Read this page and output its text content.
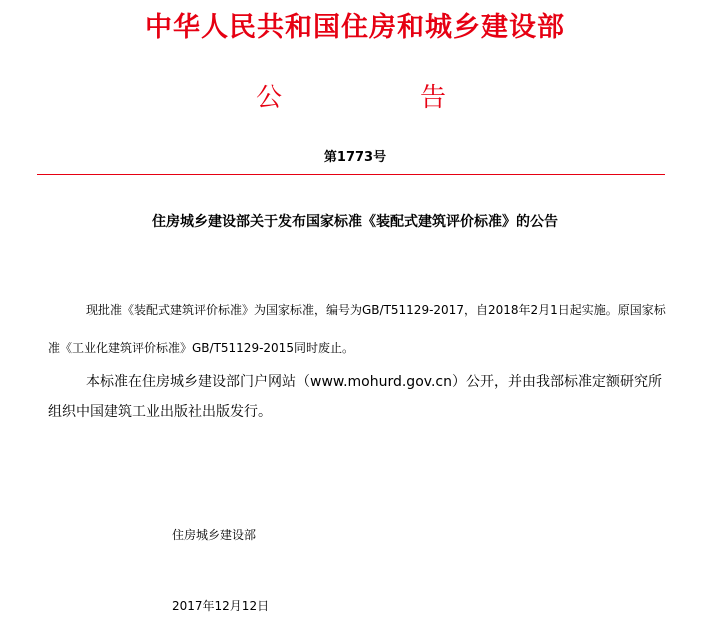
中华人民共和国住房和城乡建设部
公	告
第1773号
住房城乡建设部关于发布国家标准《装配式建筑评价标准》的公告

现批准《装配式建筑评价标准》为国家标准，编号为GB/T51129-2017，自2018年2月1日起实施。原国家标准《工业化建筑评价标准》GB/T51129-2015同时废止。

本标准在住房城乡建设部门户网站（www.mohurd.gov.cn）公开，并由我部标准定额研究所组织中国建筑工业出版社出版发行。

住房城乡建设部
2017年12月12日
